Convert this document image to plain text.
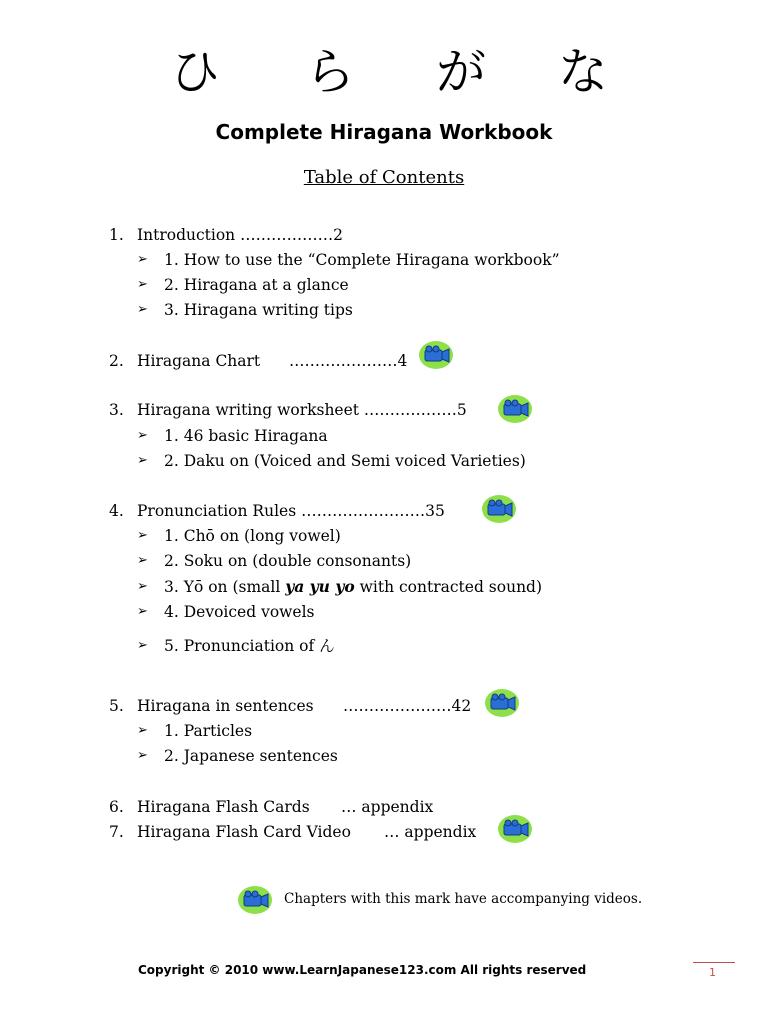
ひ ら が な
Complete Hiragana Workbook
Table of Contents
1. Introduction ………………2
➢ 1. How to use the “Complete Hiragana workbook”
➢ 2. Hiragana at a glance
➢ 3. Hiragana writing tips
2. Hiragana Chart …………………4
3. Hiragana writing worksheet ………………5
➢ 1. 46 basic Hiragana
➢ 2. Daku on (Voiced and Semi voiced Varieties)
4. Pronunciation Rules ……………………35
➢ 1. Chō on (long vowel)
➢ 2. Soku on (double consonants)
➢ 3. Yō on (small ya yu yo with contracted sound)
➢ 4. Devoiced vowels
➢ 5. Pronunciation of ん
5. Hiragana in sentences …………………42
➢ 1. Particles
➢ 2. Japanese sentences
6. Hiragana Flash Cards … appendix
7. Hiragana Flash Card Video … appendix
Chapters with this mark have accompanying videos.
Copyright © 2010 www.LearnJapanese123.com All rights reserved	1
